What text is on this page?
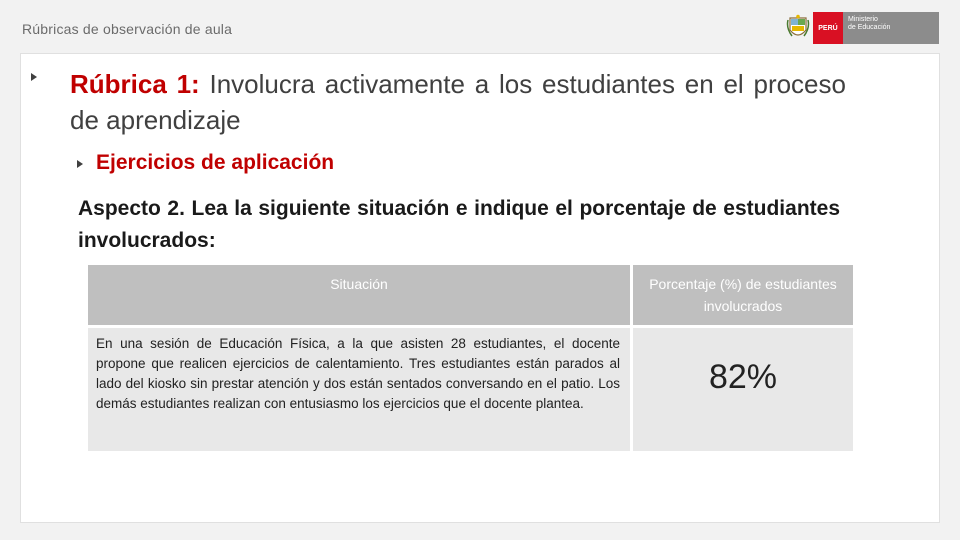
Rúbricas de observación de aula	PERÚ
Ministerio
de Educación
Rúbrica 1: Involucra activamente a los estudiantes en el proceso de aprendizaje
Ejercicios de aplicación
Aspecto 2. Lea la siguiente situación e indique el porcentaje de estudiantes involucrados:
Situación	Porcentaje (%) de estudiantes involucrados
En una sesión de Educación Física, a la que asisten 28 estudiantes, el docente propone que realicen ejercicios de calentamiento. Tres estudiantes están parados al lado del kiosko sin prestar atención y dos están sentados conversando en el patio. Los demás estudiantes realizan con entusiasmo los ejercicios que el docente plantea.	82%
